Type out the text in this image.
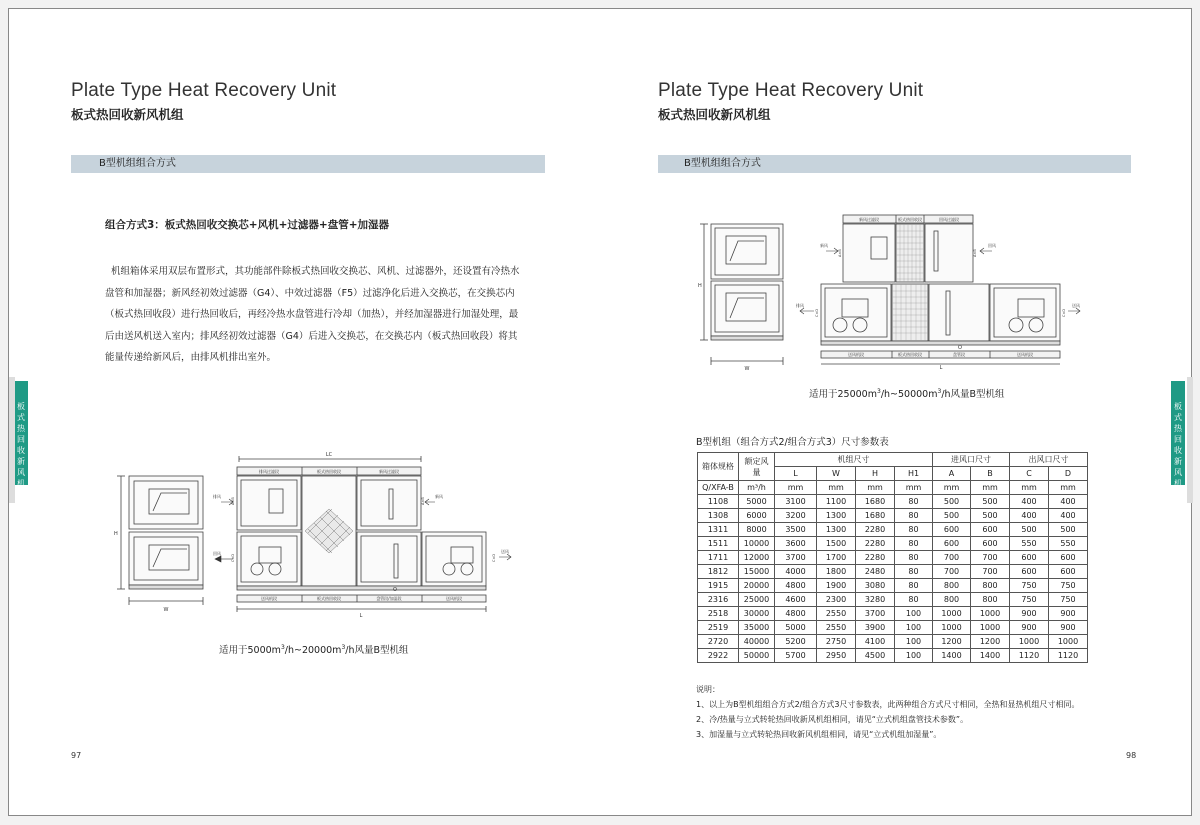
Plate Type Heat Recovery Unit
板式热回收新风机组
B型机组组合方式
组合方式3：板式热回收交换芯+风机+过滤器+盘管+加湿器
机组箱体采用双层布置形式，其功能部件除板式热回收交换芯、风机、过滤器外，还设置有冷热水盘管和加湿器；新风经初效过滤器（G4）、中效过滤器（F5）过滤净化后进入交换芯，在交换芯内（板式热回收段）进行热回收后，再经冷热水盘管进行冷却（加热），并经加湿器进行加湿处理，最后由送风机送入室内；排风经初效过滤器（G4）后进入交换芯，在交换芯内（板式热回收段）将其能量传递给新风后，由排风机排出室外。
板
式
热
回
收
新
风
机
组
W
H
排风过滤段	板式热回收段	新风过滤段
送风机段	板式热回收段	盘管段/加湿段	送风机段
LC
L
O
排风	新风
回风	送风
A×B	A×B
C×D	C×D
适用于$5000m^3/h\sim 20000m^3/h$风量B型机组
97
Plate Type Heat Recovery Unit
板式热回收新风机组
B型机组组合方式
新风过滤段	板式热回收段	回风过滤段
送风机段	板式热回收段	盘管段	送风机段
W
H
L
O
新风	回风
排风	送风
A×B	A×B
C×D	C×D
适用于$25000m^3/h\sim 50000m^3/h$风量B型机组
B型机组（组合方式2/组合方式3）尺寸参数表
箱体规格	额定风量	机组尺寸				进风口尺寸		出风口尺寸	
		L	W	H	H1	A	B	C	D
Q/XFA-B	m³/h	mm	mm	mm	mm	mm	mm	mm	mm
1108	5000	3100	1100	1680	80	500	500	400	400
1308	6000	3200	1300	1680	80	500	500	400	400
1311	8000	3500	1300	2280	80	600	600	500	500
1511	10000	3600	1500	2280	80	600	600	550	550
1711	12000	3700	1700	2280	80	700	700	600	600
1812	15000	4000	1800	2480	80	700	700	600	600
1915	20000	4800	1900	3080	80	800	800	750	750
2316	25000	4600	2300	3280	80	800	800	750	750
2518	30000	4800	2550	3700	100	1000	1000	900	900
2519	35000	5000	2550	3900	100	1000	1000	900	900
2720	40000	5200	2750	4100	100	1200	1200	1000	1000
2922	50000	5700	2950	4500	100	1400	1400	1120	1120
说明：
1、以上为B型机组组合方式2/组合方式3尺寸参数表，此两种组合方式尺寸相同，全热和显热机组尺寸相同。
2、冷/热量与立式转轮热回收新风机组相同，请见“立式机组盘管技术参数”。
3、加湿量与立式转轮热回收新风机组相同，请见“立式机组加湿量”。
板
式
热
回
收
新
风
机
组
98
